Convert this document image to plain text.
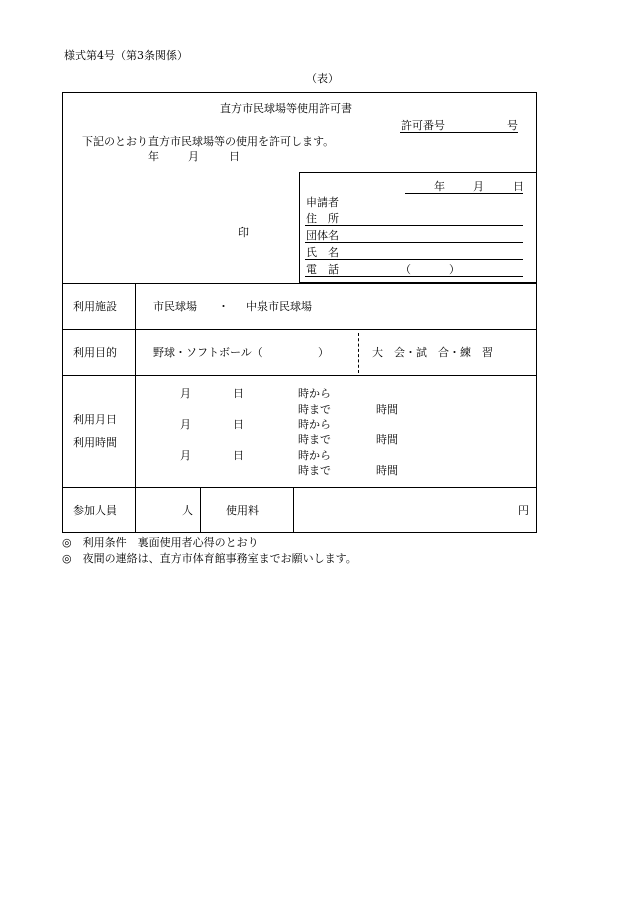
様式第4号（第3条関係）
（表）
直方市民球場等使用許可書
許可番号	号
下記のとおり直方市民球場等の使用を許可します。
年	月	日
印
年	月	日
申請者
住　所
団体名
氏　名
電　話	（	）
利用施設	市民球場 ・ 中泉市民球場
利用目的	野球・ソフトボール（	）	大　会・試　合・練　習
利用月日
利用時間
月	日	時から
時まで	時間
月	日	時から
時まで	時間
月	日	時から
時まで	時間
参加人員	人	使用料	円
◎　利用条件　裏面使用者心得のとおり
◎　夜間の連絡は、直方市体育館事務室までお願いします。
